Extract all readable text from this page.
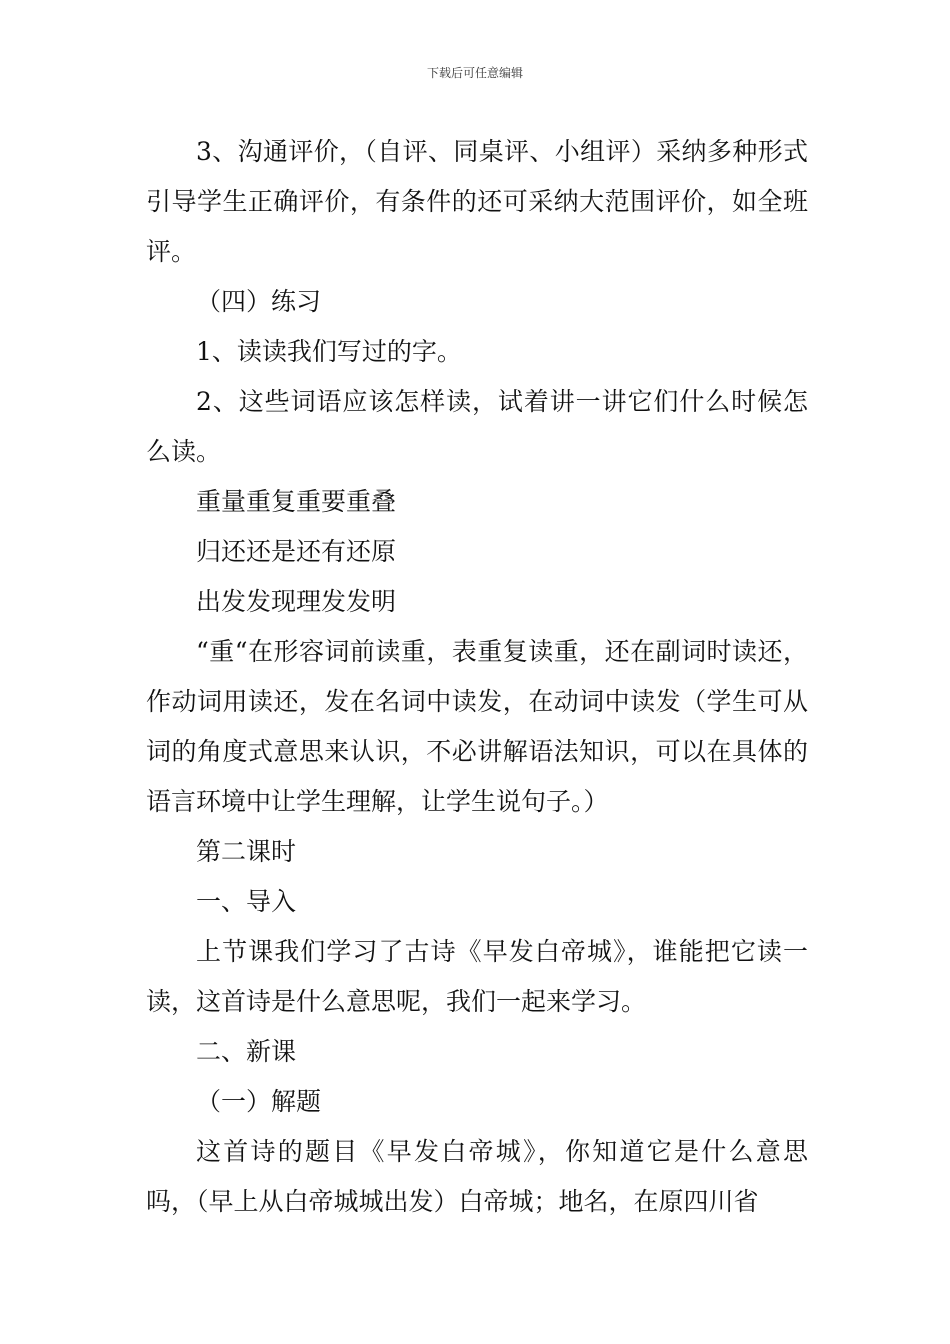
下载后可任意编辑

3、沟通评价，（自评、同桌评、小组评）采纳多种形式引导学生正确评价，有条件的还可采纳大范围评价，如全班评。

（四）练习

1、读读我们写过的字。

2、这些词语应该怎样读，试着讲一讲它们什么时候怎么读。

重量重复重要重叠

归还还是还有还原

出发发现理发发明

“重“在形容词前读重，表重复读重，还在副词时读还，作动词用读还，发在名词中读发，在动词中读发（学生可从词的角度式意思来认识，不必讲解语法知识，可以在具体的语言环境中让学生理解，让学生说句子。）

第二课时

一、导入

上节课我们学习了古诗《早发白帝城》，谁能把它读一读，这首诗是什么意思呢，我们一起来学习。

二、新课

（一）解题

这首诗的题目《早发白帝城》，你知道它是什么意思吗，（早上从白帝城城出发）白帝城；地名，在原四川省
